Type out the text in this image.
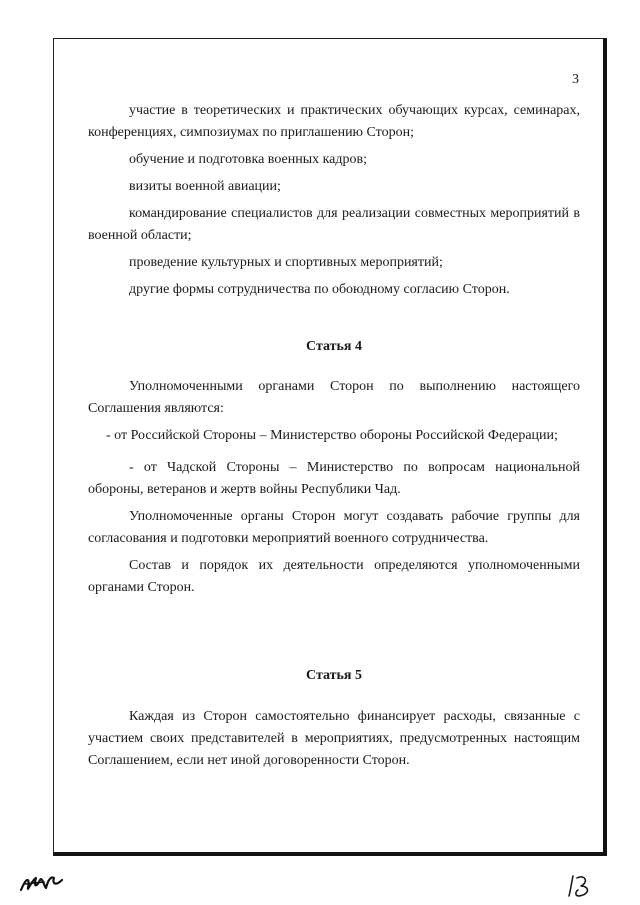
3

участие в теоретических и практических обучающих курсах, семинарах, конференциях, симпозиумах по приглашению Сторон;

обучение и подготовка военных кадров;

визиты военной авиации;

командирование специалистов для реализации совместных мероприятий в военной области;

проведение культурных и спортивных мероприятий;

другие формы сотрудничества по обоюдному согласию Сторон.

Статья 4

Уполномоченными органами Сторон по выполнению настоящего Соглашения являются:

- от Российской Стороны – Министерство обороны Российской Федерации;

- от Чадской Стороны – Министерство по вопросам национальной обороны, ветеранов и жертв войны Республики Чад.

Уполномоченные органы Сторон могут создавать рабочие группы для согласования и подготовки мероприятий военного сотрудничества.

Состав и порядок их деятельности определяются уполномоченными органами Сторон.

Статья 5

Каждая из Сторон самостоятельно финансирует расходы, связанные с участием своих представителей в мероприятиях, предусмотренных настоящим Соглашением, если нет иной договоренности Сторон.
